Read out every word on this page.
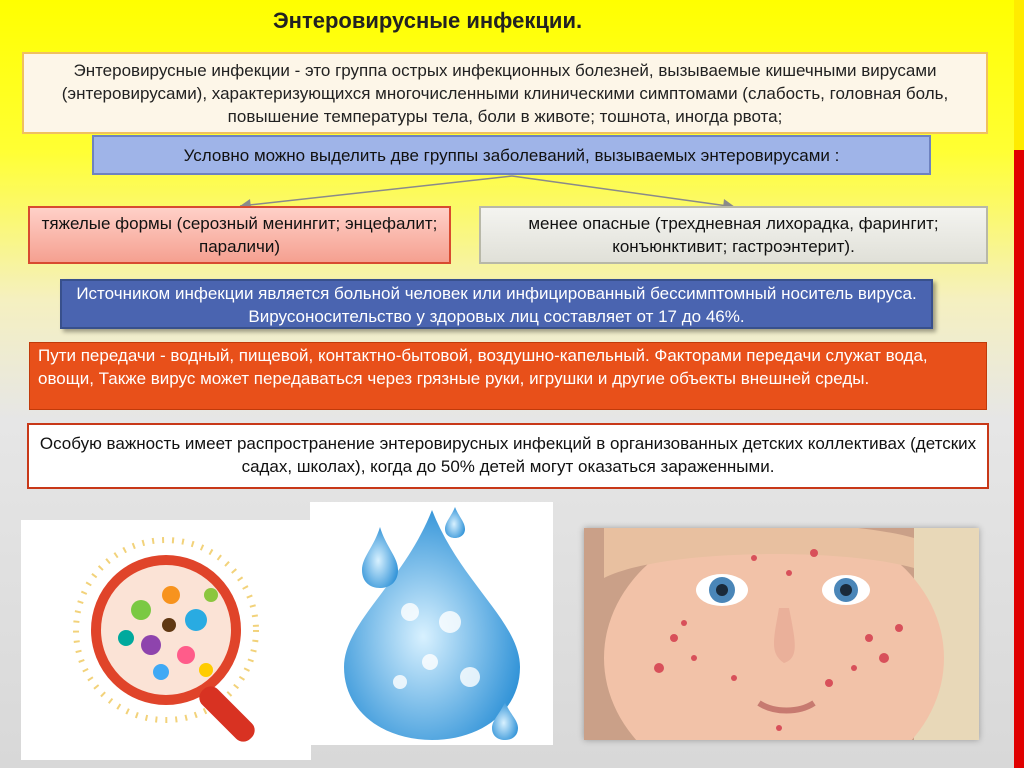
Энтеровирусные инфекции.
Энтеровирусные инфекции - это группа острых инфекционных болезней, вызываемые кишечными вирусами (энтеровирусами), характеризующихся многочисленными клиническими симптомами (слабость, головная боль, повышение температуры тела, боли в животе; тошнота, иногда рвота;
Условно можно выделить две группы заболеваний, вызываемых энтеровирусами :
тяжелые формы (серозный менингит; энцефалит; параличи)
менее опасные (трехдневная лихорадка, фарингит; конъюнктивит; гастроэнтерит).
Источником инфекции является больной человек или инфицированный бессимптомный носитель вируса. Вирусоносительство у здоровых лиц составляет от 17 до 46%.
Пути передачи - водный, пищевой, контактно-бытовой, воздушно-капельный. Факторами передачи служат вода, овощи, Также вирус может передаваться через грязные руки, игрушки и другие объекты внешней среды.
Особую важность имеет распространение энтеровирусных инфекций в организованных детских коллективах (детских садах, школах), когда до 50% детей могут оказаться зараженными.
